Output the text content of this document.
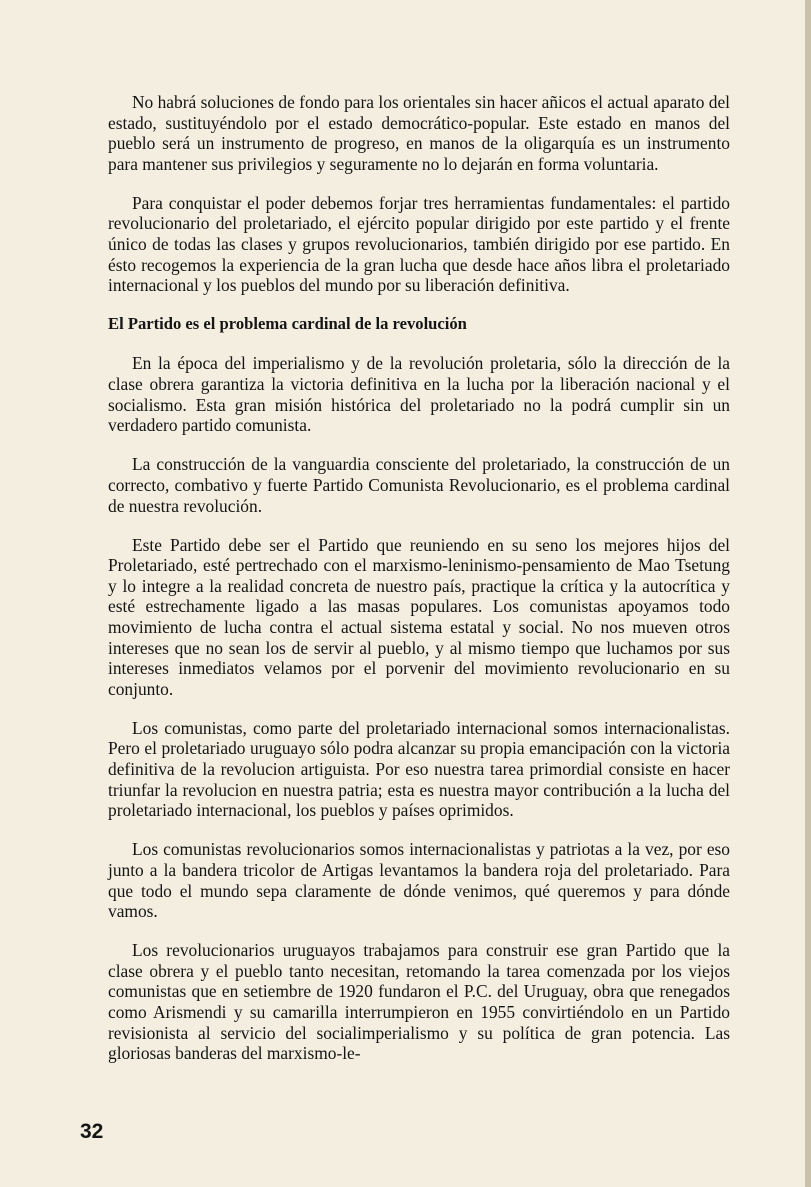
No habrá soluciones de fondo para los orientales sin hacer añicos el actual aparato del estado, sustituyéndolo por el estado democrático-popular. Este estado en manos del pueblo será un instrumento de progreso, en manos de la oligarquía es un instrumento para mantener sus privilegios y seguramente no lo dejarán en forma voluntaria.

Para conquistar el poder debemos forjar tres herramientas fundamentales: el partido revolucionario del proletariado, el ejército popular dirigido por este partido y el frente único de todas las clases y grupos revolucionarios, también dirigido por ese partido. En ésto recogemos la experiencia de la gran lucha que desde hace años libra el proletariado internacional y los pueblos del mundo por su liberación definitiva.

El Partido es el problema cardinal de la revolución

En la época del imperialismo y de la revolución proletaria, sólo la dirección de la clase obrera garantiza la victoria definitiva en la lucha por la liberación nacional y el socialismo. Esta gran misión histórica del proletariado no la podrá cumplir sin un verdadero partido comunista.

La construcción de la vanguardia consciente del proletariado, la construcción de un correcto, combativo y fuerte Partido Comunista Revolucionario, es el problema cardinal de nuestra revolución.

Este Partido debe ser el Partido que reuniendo en su seno los mejores hijos del Proletariado, esté pertrechado con el marxismo-leninismo-pensamiento de Mao Tsetung y lo integre a la realidad concreta de nuestro país, practique la crítica y la autocrítica y esté estrechamente ligado a las masas populares. Los comunistas apoyamos todo movimiento de lucha contra el actual sistema estatal y social. No nos mueven otros intereses que no sean los de servir al pueblo, y al mismo tiempo que luchamos por sus intereses inmediatos velamos por el porvenir del movimiento revolucionario en su conjunto.

Los comunistas, como parte del proletariado internacional somos internacionalistas. Pero el proletariado uruguayo sólo podra alcanzar su propia emancipación con la victoria definitiva de la revolucion artiguista. Por eso nuestra tarea primordial consiste en hacer triunfar la revolucion en nuestra patria; esta es nuestra mayor contribución a la lucha del proletariado internacional, los pueblos y países oprimidos.

Los comunistas revolucionarios somos internacionalistas y patriotas a la vez, por eso junto a la bandera tricolor de Artigas levantamos la bandera roja del proletariado. Para que todo el mundo sepa claramente de dónde venimos, qué queremos y para dónde vamos.

Los revolucionarios uruguayos trabajamos para construir ese gran Partido que la clase obrera y el pueblo tanto necesitan, retomando la tarea comenzada por los viejos comunistas que en setiembre de 1920 fundaron el P.C. del Uruguay, obra que renegados como Arismendi y su camarilla interrumpieron en 1955 convirtiéndolo en un Partido revisionista al servicio del socialimperialismo y su política de gran potencia. Las gloriosas banderas del marxismo-le-

32
